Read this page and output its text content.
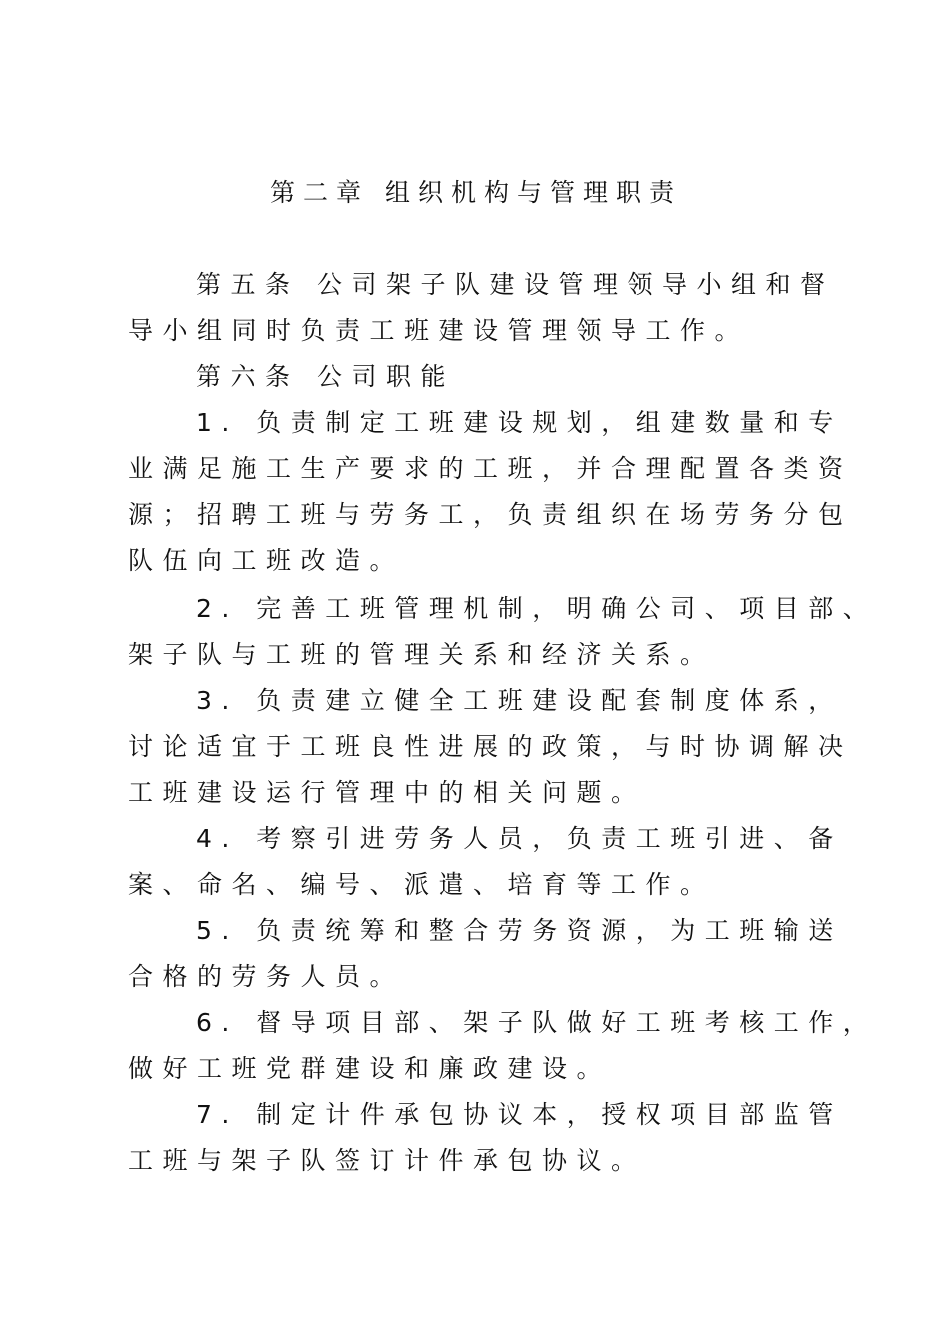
第二章 组织机构与管理职责
第五条 公司架子队建设管理领导小组和督
导小组同时负责工班建设管理领导工作。
第六条 公司职能
1. 负责制定工班建设规划，组建数量和专
业满足施工生产要求的工班，并合理配置各类资
源；招聘工班与劳务工，负责组织在场劳务分包
队伍向工班改造。
2. 完善工班管理机制，明确公司、项目部、
架子队与工班的管理关系和经济关系。
3. 负责建立健全工班建设配套制度体系，
讨论适宜于工班良性进展的政策，与时协调解决
工班建设运行管理中的相关问题。
4. 考察引进劳务人员，负责工班引进、备
案、命名、编号、派遣、培育等工作。
5. 负责统筹和整合劳务资源，为工班输送
合格的劳务人员。
6. 督导项目部、架子队做好工班考核工作，
做好工班党群建设和廉政建设。
7. 制定计件承包协议本，授权项目部监管
工班与架子队签订计件承包协议。
